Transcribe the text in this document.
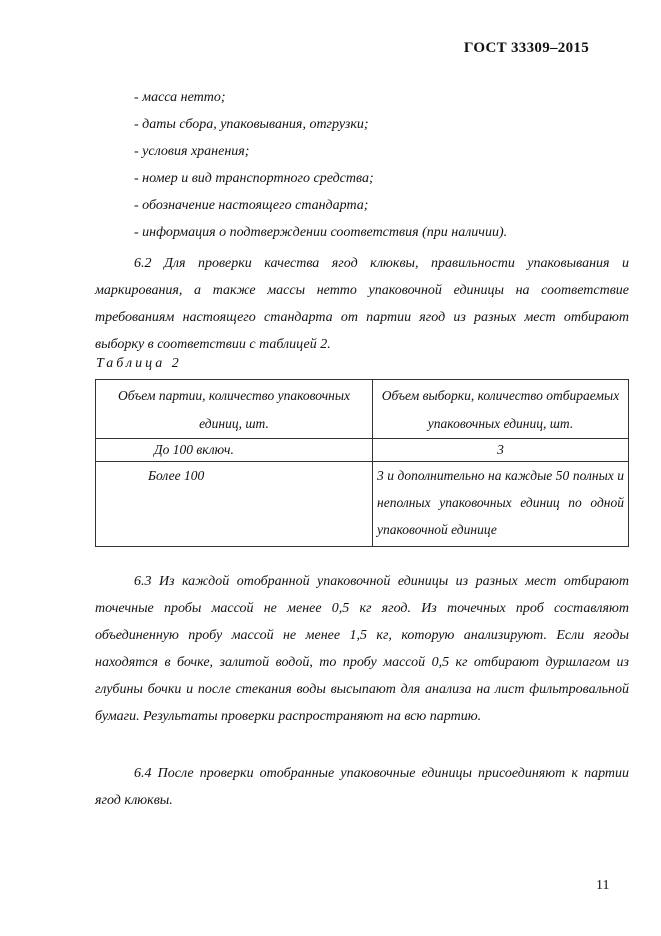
ГОСТ 33309–2015
- масса нетто;
- даты сбора, упаковывания, отгрузки;
- условия хранения;
- номер и вид транспортного средства;
- обозначение настоящего стандарта;
- информация о подтверждении соответствия (при наличии).
6.2 Для проверки качества ягод клюквы, правильности упаковывания и маркирования, а также массы нетто упаковочной единицы на соответствие требованиям настоящего стандарта от партии ягод из разных мест отбирают выборку в соответствии с таблицей 2.
Таблица 2
Объем партии, количество упаковочных единиц, шт.	Объем выборки, количество отбираемых упаковочных единиц, шт.
До 100 включ.	3
Более 100	3 и дополнительно на каждые 50 полных и неполных упаковочных единиц по одной упаковочной единице
6.3 Из каждой отобранной упаковочной единицы из разных мест отбирают точечные пробы массой не менее 0,5 кг ягод. Из точечных проб составляют объединенную пробу массой не менее 1,5 кг, которую анализируют. Если ягоды находятся в бочке, залитой водой, то пробу массой 0,5 кг отбирают дуршлагом из глубины бочки и после стекания воды высыпают для анализа на лист фильтровальной бумаги. Результаты проверки распространяют на всю партию.
6.4 После проверки отобранные упаковочные единицы присоединяют к партии ягод клюквы.
11
